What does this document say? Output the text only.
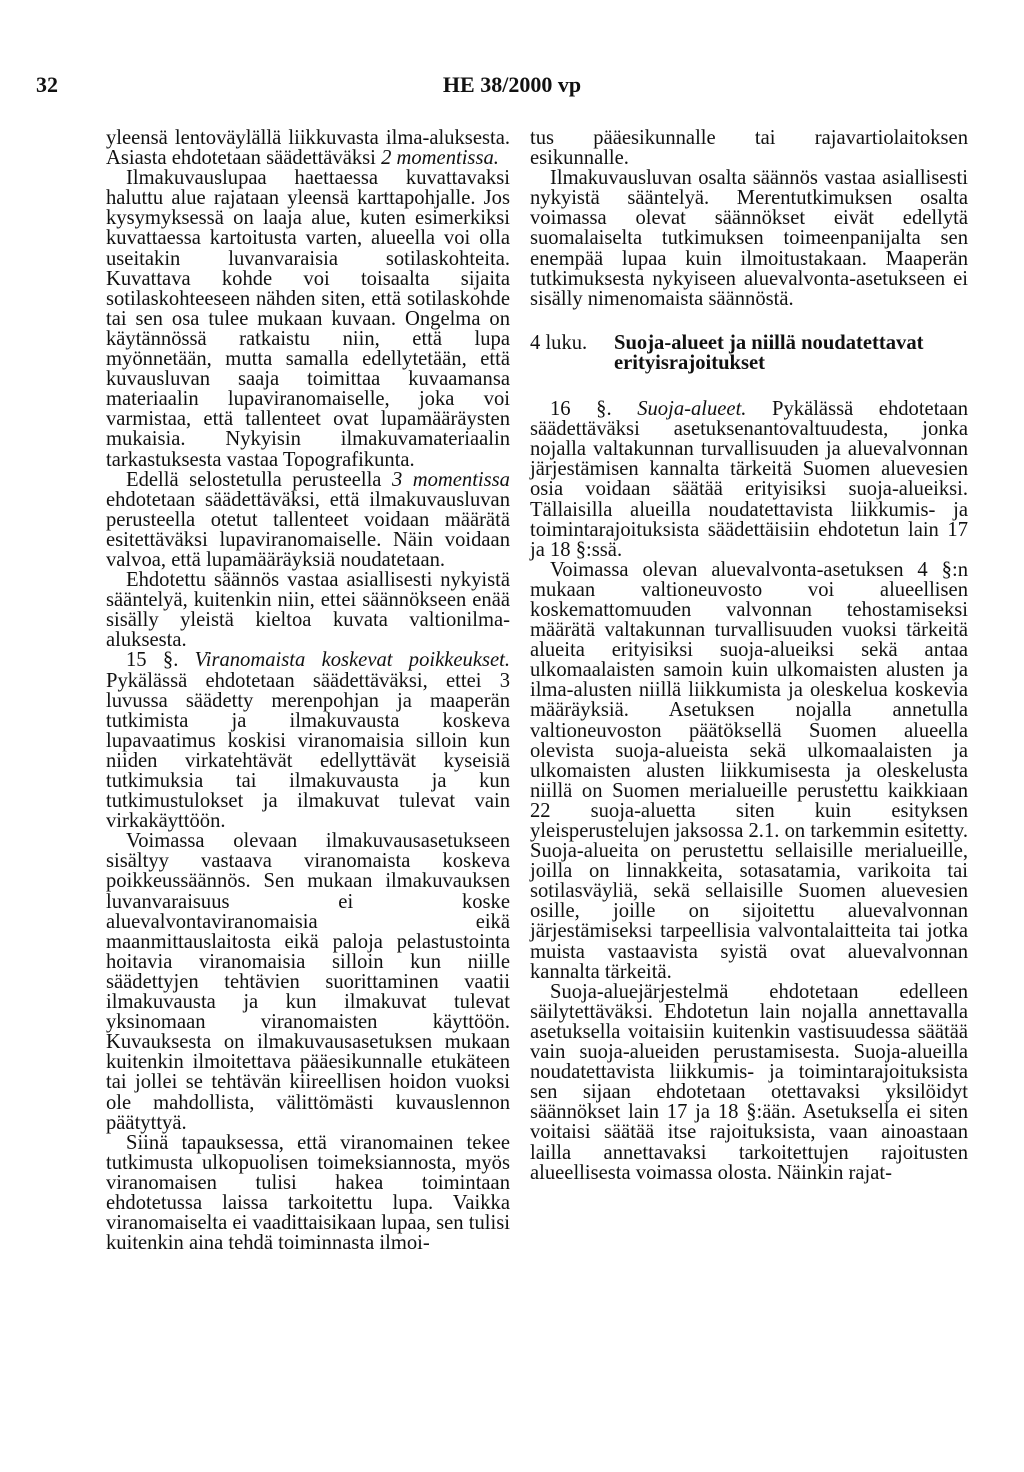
32	HE 38/2000 vp

yleensä lentoväylällä liikkuvasta ilma-aluksesta. Asiasta ehdotetaan säädettäväksi 2 momentissa.

Ilmakuvauslupaa haettaessa kuvattavaksi haluttu alue rajataan yleensä karttapohjalle. Jos kysymyksessä on laaja alue, kuten esimerkiksi kuvattaessa kartoitusta varten, alueella voi olla useitakin luvanvaraisia sotilaskohteita. Kuvattava kohde voi toisaalta sijaita sotilaskohteeseen nähden siten, että sotilaskohde tai sen osa tulee mukaan kuvaan. Ongelma on käytännössä ratkaistu niin, että lupa myönnetään, mutta samalla edellytetään, että kuvausluvan saaja toimittaa kuvaamansa materiaalin lupaviranomaiselle, joka voi varmistaa, että tallenteet ovat lupamääräysten mukaisia. Nykyisin ilmakuvamateriaalin tarkastuksesta vastaa Topografikunta.

Edellä selostetulla perusteella 3 momentissa ehdotetaan säädettäväksi, että ilmakuvausluvan perusteella otetut tallenteet voidaan määrätä esitettäväksi lupaviranomaiselle. Näin voidaan valvoa, että lupamääräyksiä noudatetaan.

Ehdotettu säännös vastaa asiallisesti nykyistä sääntelyä, kuitenkin niin, ettei säännökseen enää sisälly yleistä kieltoa kuvata valtionilma-aluksesta.

15 §. Viranomaista koskevat poikkeukset. Pykälässä ehdotetaan säädettäväksi, ettei 3 luvussa säädetty merenpohjan ja maaperän tutkimista ja ilmakuvausta koskeva lupavaatimus koskisi viranomaisia silloin kun niiden virkatehtävät edellyttävät kyseisiä tutkimuksia tai ilmakuvausta ja kun tutkimustulokset ja ilmakuvat tulevat vain virkakäyttöön.

Voimassa olevaan ilmakuvausasetukseen sisältyy vastaava viranomaista koskeva poikkeussäännös. Sen mukaan ilmakuvauksen luvanvaraisuus ei koske aluevalvontaviranomaisia eikä maanmittauslaitosta eikä paloja pelastustointa hoitavia viranomaisia silloin kun niille säädettyjen tehtävien suorittaminen vaatii ilmakuvausta ja kun ilmakuvat tulevat yksinomaan viranomaisten käyttöön. Kuvauksesta on ilmakuvausasetuksen mukaan kuitenkin ilmoitettava pääesikunnalle etukäteen tai jollei se tehtävän kiireellisen hoidon vuoksi ole mahdollista, välittömästi kuvauslennon päätyttyä.

Siinä tapauksessa, että viranomainen tekee tutkimusta ulkopuolisen toimeksiannosta, myös viranomaisen tulisi hakea toimintaan ehdotetussa laissa tarkoitettu lupa. Vaikka viranomaiselta ei vaadittaisikaan lupaa, sen tulisi kuitenkin aina tehdä toiminnasta ilmoi-

tus pääesikunnalle tai rajavartiolaitoksen esikunnalle.

Ilmakuvausluvan osalta säännös vastaa asiallisesti nykyistä sääntelyä. Merentutkimuksen osalta voimassa olevat säännökset eivät edellytä suomalaiselta tutkimuksen toimeenpanijalta sen enempää lupaa kuin ilmoitustakaan. Maaperän tutkimuksesta nykyiseen aluevalvonta-asetukseen ei sisälly nimenomaista säännöstä.

4 luku.	Suoja-alueet ja niillä noudatettavat erityisrajoitukset

16 §. Suoja-alueet. Pykälässä ehdotetaan säädettäväksi asetuksenantovaltuudesta, jonka nojalla valtakunnan turvallisuuden ja aluevalvonnan järjestämisen kannalta tärkeitä Suomen aluevesien osia voidaan säätää erityisiksi suoja-alueiksi. Tällaisilla alueilla noudatettavista liikkumis- ja toimintarajoituksista säädettäisiin ehdotetun lain 17 ja 18 §:ssä.

Voimassa olevan aluevalvonta-asetuksen 4 §:n mukaan valtioneuvosto voi alueellisen koskemattomuuden valvonnan tehostamiseksi määrätä valtakunnan turvallisuuden vuoksi tärkeitä alueita erityisiksi suoja-alueiksi sekä antaa ulkomaalaisten samoin kuin ulkomaisten alusten ja ilma-alusten niillä liikkumista ja oleskelua koskevia määräyksiä. Asetuksen nojalla annetulla valtioneuvoston päätöksellä Suomen alueella olevista suoja-alueista sekä ulkomaalaisten ja ulkomaisten alusten liikkumisesta ja oleskelusta niillä on Suomen merialueille perustettu kaikkiaan 22 suoja-aluetta siten kuin esityksen yleisperustelujen jaksossa 2.1. on tarkemmin esitetty. Suoja-alueita on perustettu sellaisille merialueille, joilla on linnakkeita, sotasatamia, varikoita tai sotilasväyliä, sekä sellaisille Suomen aluevesien osille, joille on sijoitettu aluevalvonnan järjestämiseksi tarpeellisia valvontalaitteita tai jotka muista vastaavista syistä ovat aluevalvonnan kannalta tärkeitä.

Suoja-aluejärjestelmä ehdotetaan edelleen säilytettäväksi. Ehdotetun lain nojalla annettavalla asetuksella voitaisiin kuitenkin vastisuudessa säätää vain suoja-alueiden perustamisesta. Suoja-alueilla noudatettavista liikkumis- ja toimintarajoituksista sen sijaan ehdotetaan otettavaksi yksilöidyt säännökset lain 17 ja 18 §:ään. Asetuksella ei siten voitaisi säätää itse rajoituksista, vaan ainoastaan lailla annettavaksi tarkoitettujen rajoitusten alueellisesta voimassa olosta. Näinkin rajat-
